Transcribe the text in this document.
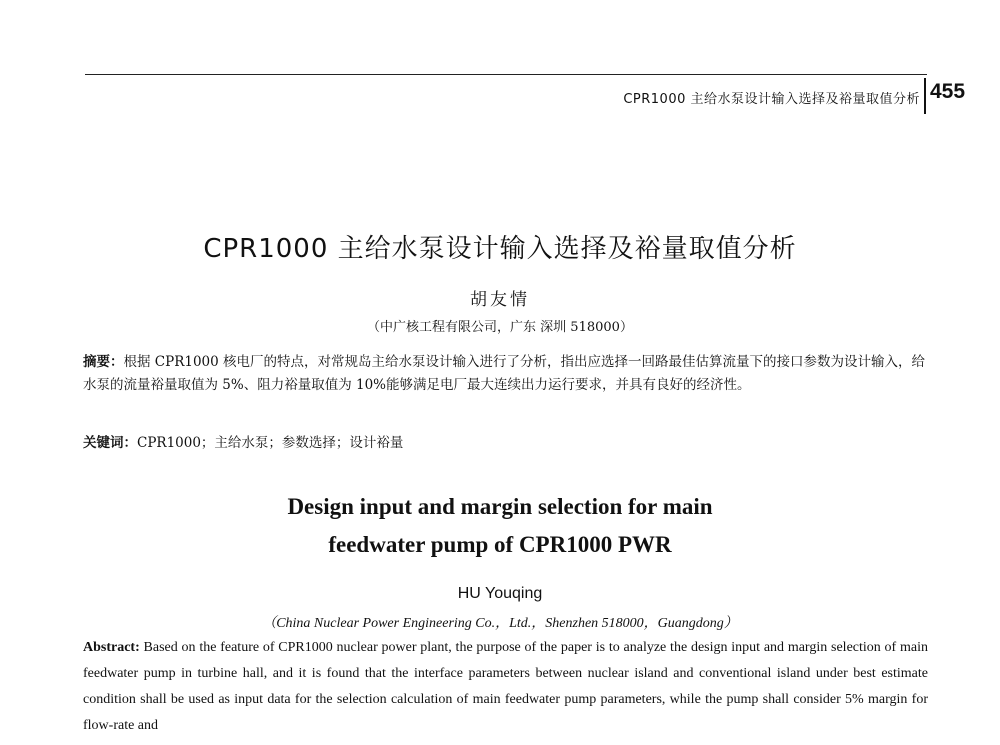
CPR1000 主给水泵设计输入选择及裕量取值分析 455
CPR1000 主给水泵设计输入选择及裕量取值分析
胡友情
（中广核工程有限公司，广东 深圳 518000）
摘要：根据 CPR1000 核电厂的特点，对常规岛主给水泵设计输入进行了分析，指出应选择一回路最佳估算流量下的接口参数为设计输入，给水泵的流量裕量取值为 5%、阻力裕量取值为 10%能够满足电厂最大连续出力运行要求，并具有良好的经济性。
关键词：CPR1000；主给水泵；参数选择；设计裕量
Design input and margin selection for main
feedwater pump of CPR1000 PWR
HU Youqing
（China Nuclear Power Engineering Co.，Ltd.，Shenzhen 518000，Guangdong）
Abstract: Based on the feature of CPR1000 nuclear power plant, the purpose of the paper is to analyze the design input and margin selection of main feedwater pump in turbine hall, and it is found that the interface parameters between nuclear island and conventional island under best estimate condition shall be used as input data for the selection calculation of main feedwater pump parameters, while the pump shall consider 5% margin for flow-rate and
